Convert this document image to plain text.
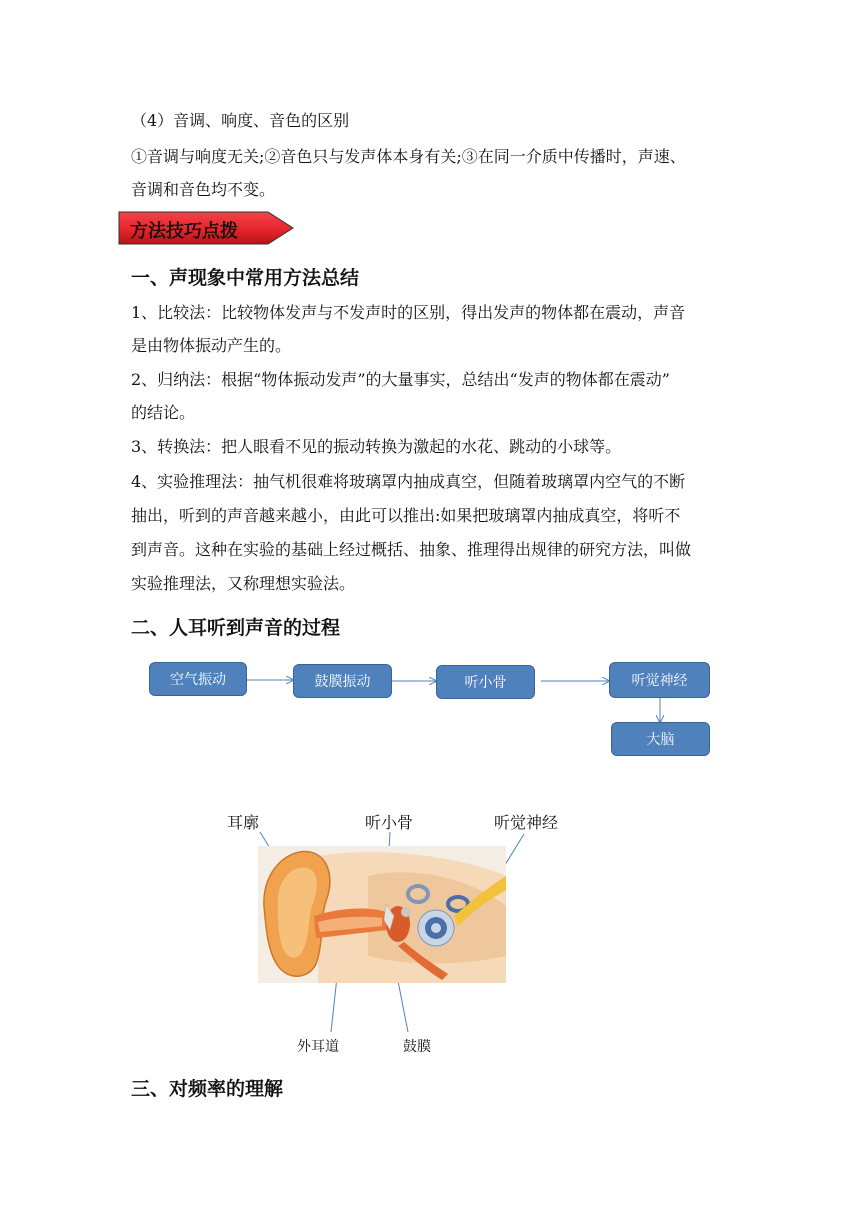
（4）音调、响度、音色的区别
①音调与响度无关;②音色只与发声体本身有关;③在同一介质中传播时，声速、
音调和音色均不变。
方法技巧点拨
一、声现象中常用方法总结
1、比较法：比较物体发声与不发声时的区别，得出发声的物体都在震动，声音
是由物体振动产生的。
2、归纳法：根据“物体振动发声”的大量事实，总结出“发声的物体都在震动”
的结论。
3、转换法：把人眼看不见的振动转换为激起的水花、跳动的小球等。
4、实验推理法：抽气机很难将玻璃罩内抽成真空，但随着玻璃罩内空气的不断
抽出，听到的声音越来越小，由此可以推出:如果把玻璃罩内抽成真空，将听不
到声音。这种在实验的基础上经过概括、抽象、推理得出规律的研究方法，叫做
实验推理法，又称理想实验法。
二、人耳听到声音的过程
空气振动	鼓膜振动	听小骨	听觉神经
大脑
耳廓	听小骨	听觉神经
外耳道	鼓膜
三、对频率的理解
